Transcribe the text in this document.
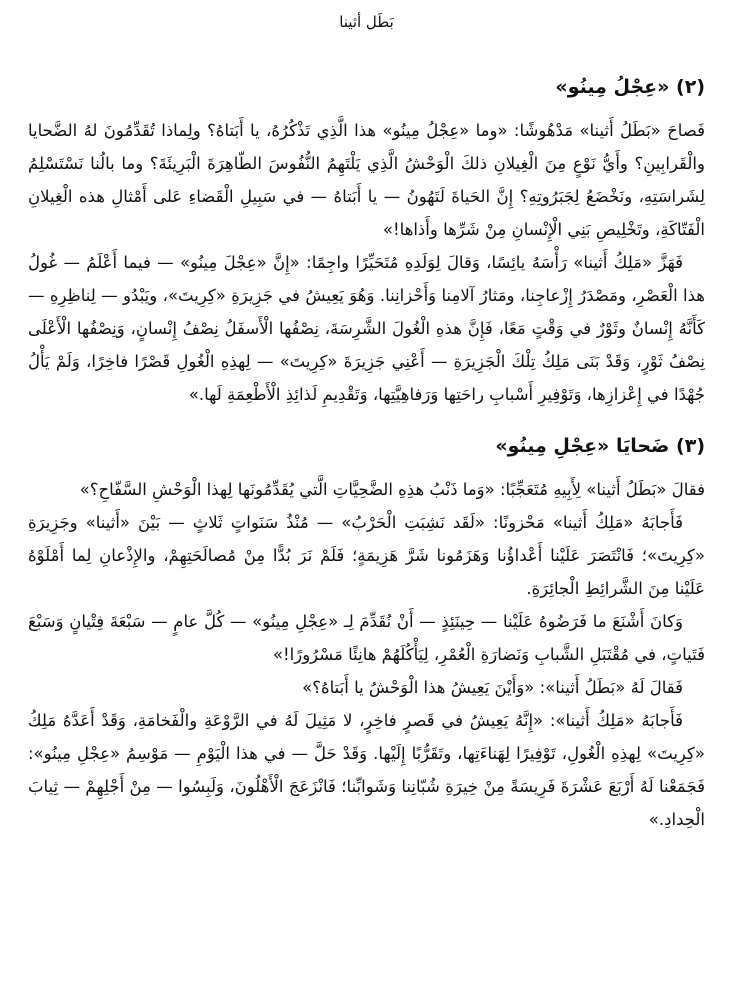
بَطَل أثينا
(٢) «عِجْلُ مِينُو»

فَصاحَ «بَطَلُ أَثينا» مَدْهُوشًا: «وما «عِجْلُ مِينُو» هذا الَّذِي تَذْكُرُهُ، يا أَبَتاهُ؟ ولِماذا تُقَدِّمُونَ لهُ الضَّحايا والْقَرابِينِ؟ وأَيُّ نَوْعٍ مِنَ الْغِيلانِ ذلكَ الْوَحْشُ الَّذِي يَلْتَهِمُ النُّفُوسَ الطّاهِرَةَ الْبَرِيئَةَ؟ وما بالُنا نَسْتَسْلِمُ لِشَراسَتِهِ، ونَخْضَعُ لِجَبَرُوتِهِ؟ إِنَّ الحَياةَ لَتَهُونُ — يا أَبَتاهُ — في سَبِيلِ الْقَضاءِ عَلى أَمْثالِ هذه الْغِيلانِ الْفَتّاكَةِ، وتَخْلِيصِ بَنِي الْإِنْسانِ مِنْ شَرِّها وأَذاها!»

فَهَزَّ «مَلِكُ أَثينا» رَأْسَهُ يائِسًا، وَقالَ لِوَلَدِهِ مُتَحَيِّرًا واجِمًا: «إِنَّ «عِجْلَ مِينُو» — فيما أَعْلَمُ — غُولُ هذا الْعَصْرِ، ومَصْدَرُ إِزْعاجِنا، ومَثارُ آلامِنا وَأَحْزانِنا. وَهُوَ يَعِيشُ في جَزِيرَةِ «كِرِيتَ»، ويَبْدُو — لِناظِرِهِ — كَأَنَّهُ إِنْسانٌ وثَوْرٌ في وَقْتٍ مَعًا، فَإِنَّ هذهِ الْغُولَ الشَّرِسَةَ، نِصْفُها الْأَسفَلُ نِصْفُ إِنْسانٍ، وَنِصْفُها الْأَعْلَى نِصْفُ ثَوْرٍ، وَقَدْ بَنَى مَلِكُ تِلْكَ الْجَزِيرَةِ — أَعْنِي جَزِيرَةَ «كِرِيتَ» — لِهذِهِ الْغُولِ قَصْرًا فاخِرًا، وَلَمْ يَأْلُ جُهْدًا في إِعْزازِها، وَتَوْفِيرِ أَسْبابِ راحَتِها وَرَفاهِيَّتِها، وَتَقْدِيمِ لَذائِذِ الْأَطْعِمَةِ لَها.»

(٣) ضَحايَا «عِجْلِ مِينُو»

فقالَ «بَطَلُ أَثينا» لِأَبِيهِ مُتَعَجِّبًا: «وَما ذَنْبُ هذِهِ الضَّحِيَّاتِ الَّتي يُقَدِّمُونَها لِهذا الْوَحْشِ السَّفّاحِ؟»

فَأَجابَهُ «مَلِكُ أَثينا» مَحْزونًا: «لَقَد نَشِبَتِ الْحَرْبُ» — مُنْذُ سَنَواتٍ ثَلاثٍ — بَيْنَ «أَثينا» وجَزِيرَةِ «كِرِيتَ»؛ فَانْتَصَرَ عَلَيْنا أَعْداؤُنا وَهَزَمُونا شَرَّ هَزِيمَةٍ؛ فَلَمْ نَرَ بُدًّا مِنْ مُصالَحَتِهِمْ، والإِذْعانِ لِما أَمْلَوْهُ عَلَيْنا مِنَ الشَّرائِطِ الْجائِرَةِ.

وَكانَ أَشْنَعَ ما فَرَضُوهُ عَلَيْنا — حِينَئِذٍ — أَنْ نُقَدِّمَ لِـ «عِجْلِ مِينُو» — كُلَّ عامٍ — سَبْعَةَ فِتْيانٍ وَسَبْعَ فَتَياتٍ، في مُقْتَبَلِ الشَّبابِ وَنَضارَةِ الْعُمْرِ، لِيَأْكُلَهُمْ هانِئًا مَسْرُورًا!»

فَقالَ لَهُ «بَطَلُ أَثينا»: «وَأَيْنَ يَعِيشُ هذا الْوَحْشُ يا أَبَتاهُ؟»

فَأَجابَهُ «مَلِكُ أَثينا»: «إِنَّهُ يَعِيشُ في قَصرٍ فاخِرٍ، لا مَثِيلَ لَهُ في الرَّوْعَةِ والْفَخامَةِ، وَقَدْ أَعَدَّهُ مَلِكُ «كِرِيتَ» لِهذِهِ الْغُولِ، تَوْفِيرًا لِهَناءَتِها، وتَقَرُّبًا إِلَيْها. وَقَدْ حَلَّ — في هذا الْيَوْمِ — مَوْسِمُ «عِجْلِ مِينُو»: فَجَمَعْنا لَهُ أَرْبَعَ عَشْرَةَ فَرِيسَةً مِنْ خِيرَةِ شُبّانِنا وَشَوابِّنا؛ فَانْزَعَجَ الْأَهْلُونَ، وَلَبِسُوا — مِنْ أَجْلِهِمْ — ثِيابَ الْحِدادِ.»
